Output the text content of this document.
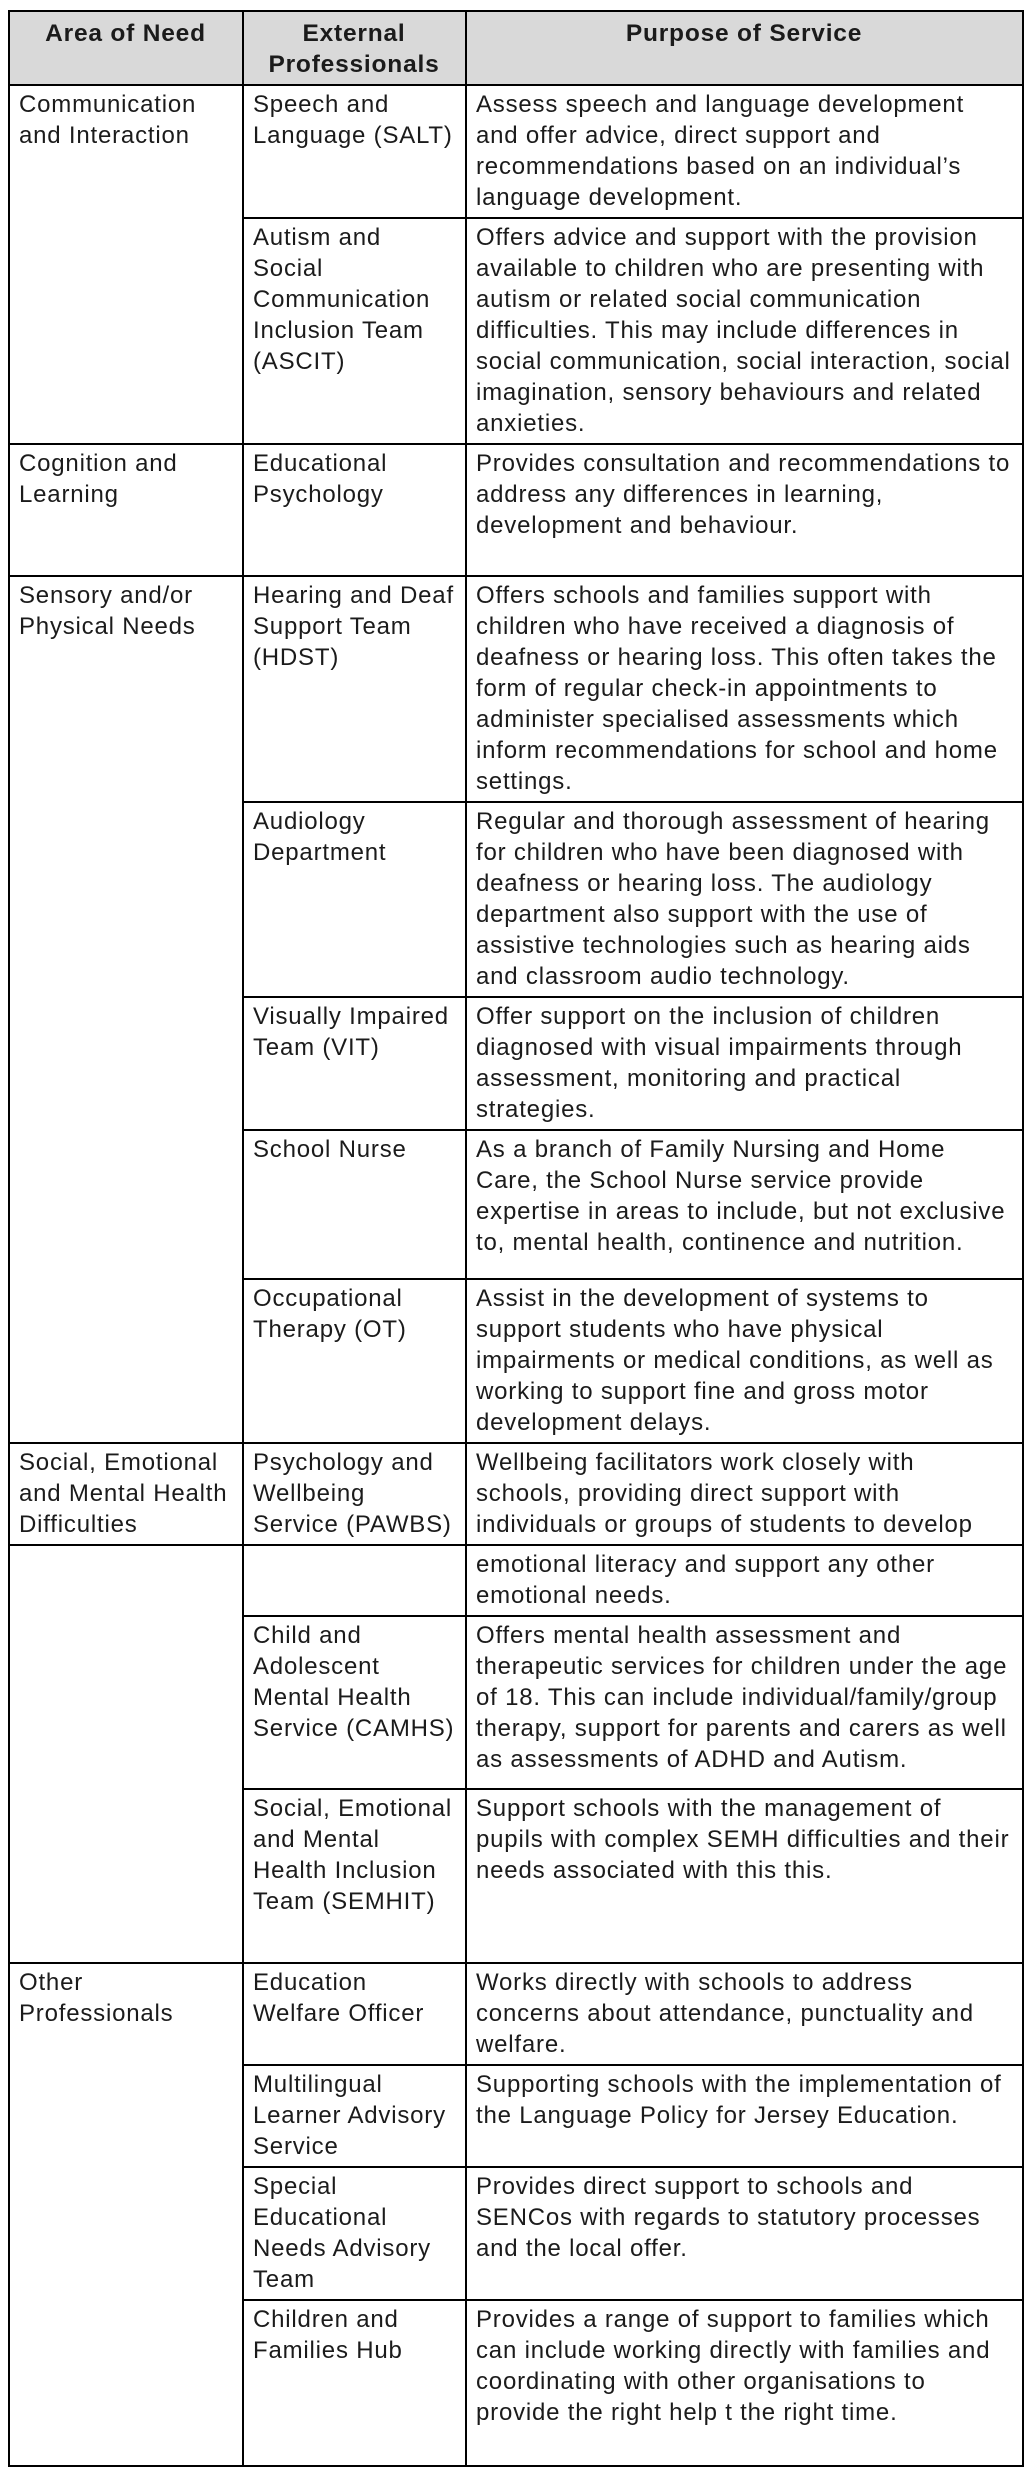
Area of Need	External Professionals	Purpose of Service
Communication and Interaction	Speech and Language (SALT)	Assess speech and language development and offer advice, direct support and recommendations based on an individual’s language development.
	Autism and Social Communication Inclusion Team (ASCIT)	Offers advice and support with the provision available to children who are presenting with autism or related social communication difficulties. This may include differences in social communication, social interaction, social imagination, sensory behaviours and related anxieties.
Cognition and Learning	Educational Psychology	Provides consultation and recommendations to address any differences in learning, development and behaviour.
Sensory and/or Physical Needs	Hearing and Deaf Support Team (HDST)	Offers schools and families support with children who have received a diagnosis of deafness or hearing loss. This often takes the form of regular check-in appointments to administer specialised assessments which inform recommendations for school and home settings.
	Audiology Department	Regular and thorough assessment of hearing for children who have been diagnosed with deafness or hearing loss. The audiology department also support with the use of assistive technologies such as hearing aids and classroom audio technology.
	Visually Impaired Team (VIT)	Offer support on the inclusion of children diagnosed with visual impairments through assessment, monitoring and practical strategies.
	School Nurse	As a branch of Family Nursing and Home Care, the School Nurse service provide expertise in areas to include, but not exclusive to, mental health, continence and nutrition.
	Occupational Therapy (OT)	Assist in the development of systems to support students who have physical impairments or medical conditions, as well as working to support fine and gross motor development delays.
Social, Emotional and Mental Health Difficulties	Psychology and Wellbeing Service (PAWBS)	Wellbeing facilitators work closely with schools, providing direct support with individuals or groups of students to develop
		emotional literacy and support any other emotional needs.
	Child and Adolescent Mental Health Service (CAMHS)	Offers mental health assessment and therapeutic services for children under the age of 18. This can include individual/family/group therapy, support for parents and carers as well as assessments of ADHD and Autism.
	Social, Emotional and Mental Health Inclusion Team (SEMHIT)	Support schools with the management of pupils with complex SEMH difficulties and their needs associated with this this.
Other Professionals	Education Welfare Officer	Works directly with schools to address concerns about attendance, punctuality and welfare.
	Multilingual Learner Advisory Service	Supporting schools with the implementation of the Language Policy for Jersey Education.
	Special Educational Needs Advisory Team	Provides direct support to schools and SENCos with regards to statutory processes and the local offer.
	Children and Families Hub	Provides a range of support to families which can include working directly with families and coordinating with other organisations to provide the right help t the right time.
